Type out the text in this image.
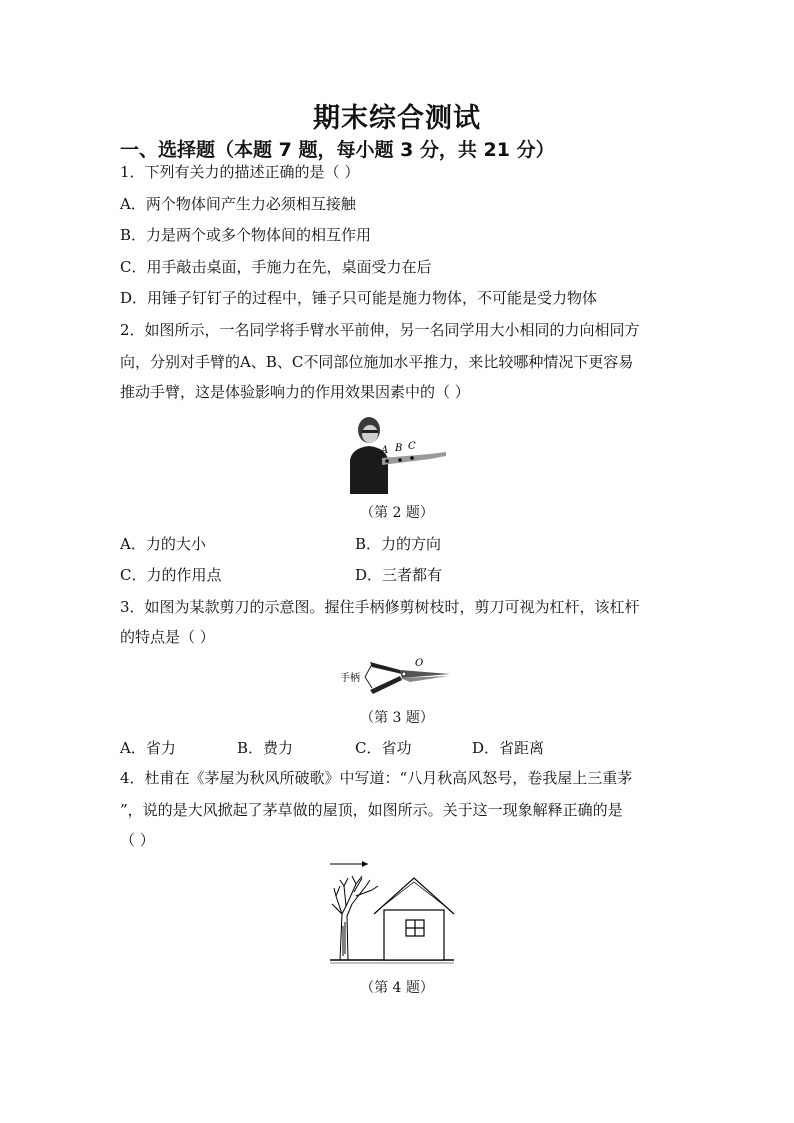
期末综合测试
一、选择题（本题 7 题，每小题 3 分，共 21 分）
1．下列有关力的描述正确的是（ ）
A．两个物体间产生力必须相互接触
B．力是两个或多个物体间的相互作用
C．用手敲击桌面，手施力在先，桌面受力在后
D．用锤子钉钉子的过程中，锤子只可能是施力物体，不可能是受力物体
2．如图所示，一名同学将手臂水平前伸，另一名同学用大小相同的力向相同方
向，分别对手臂的A、B、C不同部位施加水平推力，来比较哪种情况下更容易
推动手臂，这是体验影响力的作用效果因素中的（ ）
A B C
（第 2 题）
A．力的大小	B．力的方向
C．力的作用点	D．三者都有
3．如图为某款剪刀的示意图。握住手柄修剪树枝时，剪刀可视为杠杆，该杠杆
的特点是（ ）
手柄
O
（第 3 题）
A．省力	B．费力	C．省功	D．省距离
4．杜甫在《茅屋为秋风所破歌》中写道：“八月秋高风怒号，卷我屋上三重茅
”，说的是大风掀起了茅草做的屋顶，如图所示。关于这一现象解释正确的是
（ ）
（第 4 题）
